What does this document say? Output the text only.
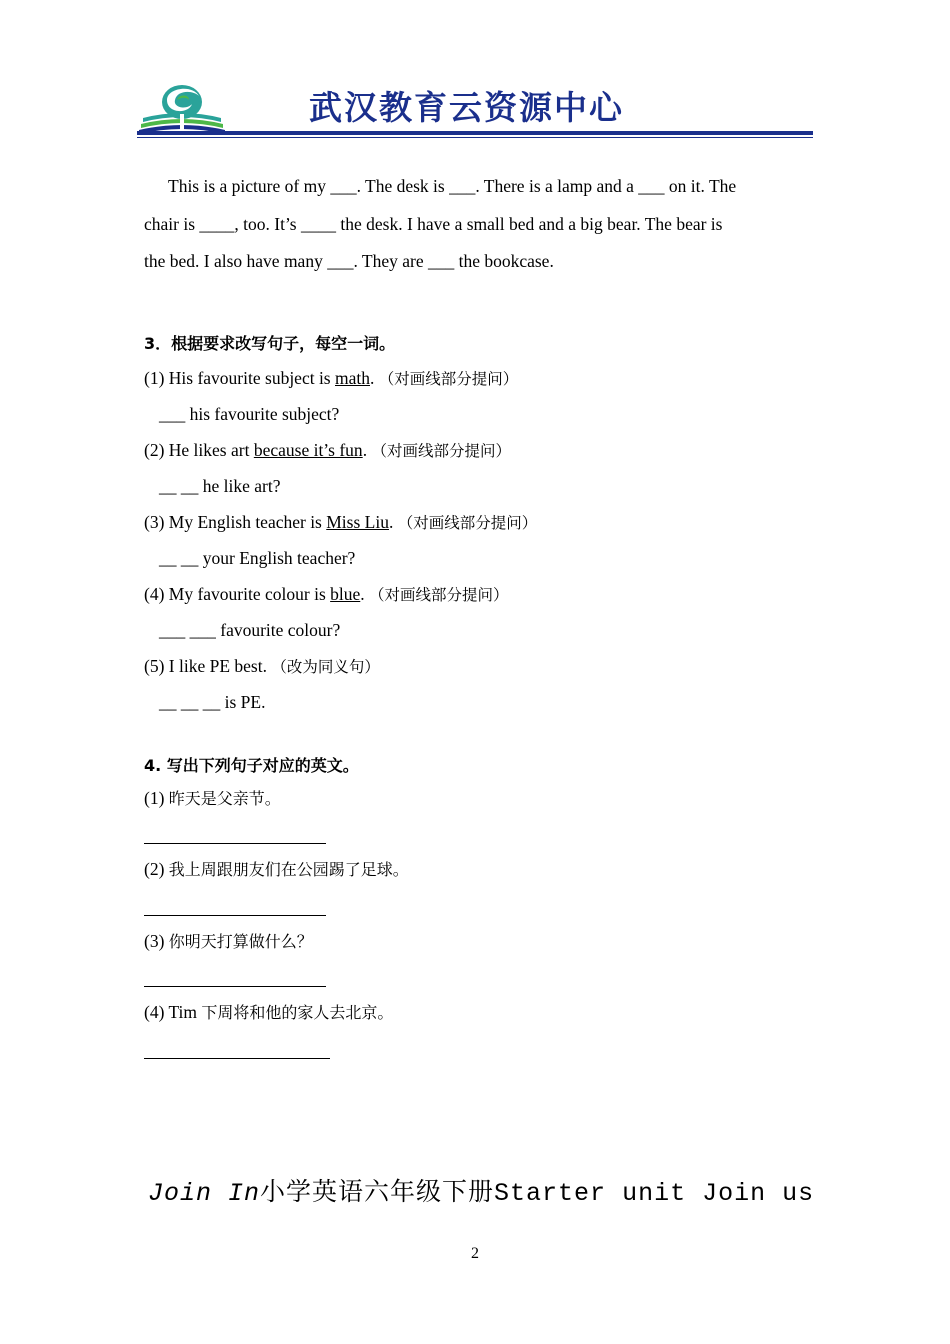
武汉教育云资源中心

This is a picture of my ___. The desk is ___. There is a lamp and a ___ on it. The

chair is ____, too. It’s ____ the desk. I have a small bed and a big bear. The bear is

the bed. I also have many ___. They are ___ the bookcase.

3．根据要求改写句子，每空一词。

(1) His favourite subject is math. （对画线部分提问）

___ his favourite subject?

(2) He likes art because it’s fun. （对画线部分提问）

__ __ he like art?

(3) My English teacher is Miss Liu. （对画线部分提问）

__ __ your English teacher?

(4) My favourite colour is blue. （对画线部分提问）

___ ___ favourite colour?

(5) I like PE best. （改为同义句）

__ __ __ is PE.

4. 写出下列句子对应的英文。

(1) 昨天是父亲节。

(2) 我上周跟朋友们在公园踢了足球。

(3) 你明天打算做什么？

(4) Tim 下周将和他的家人去北京。

Join In小学英语六年级下册Starter unit Join us
2
